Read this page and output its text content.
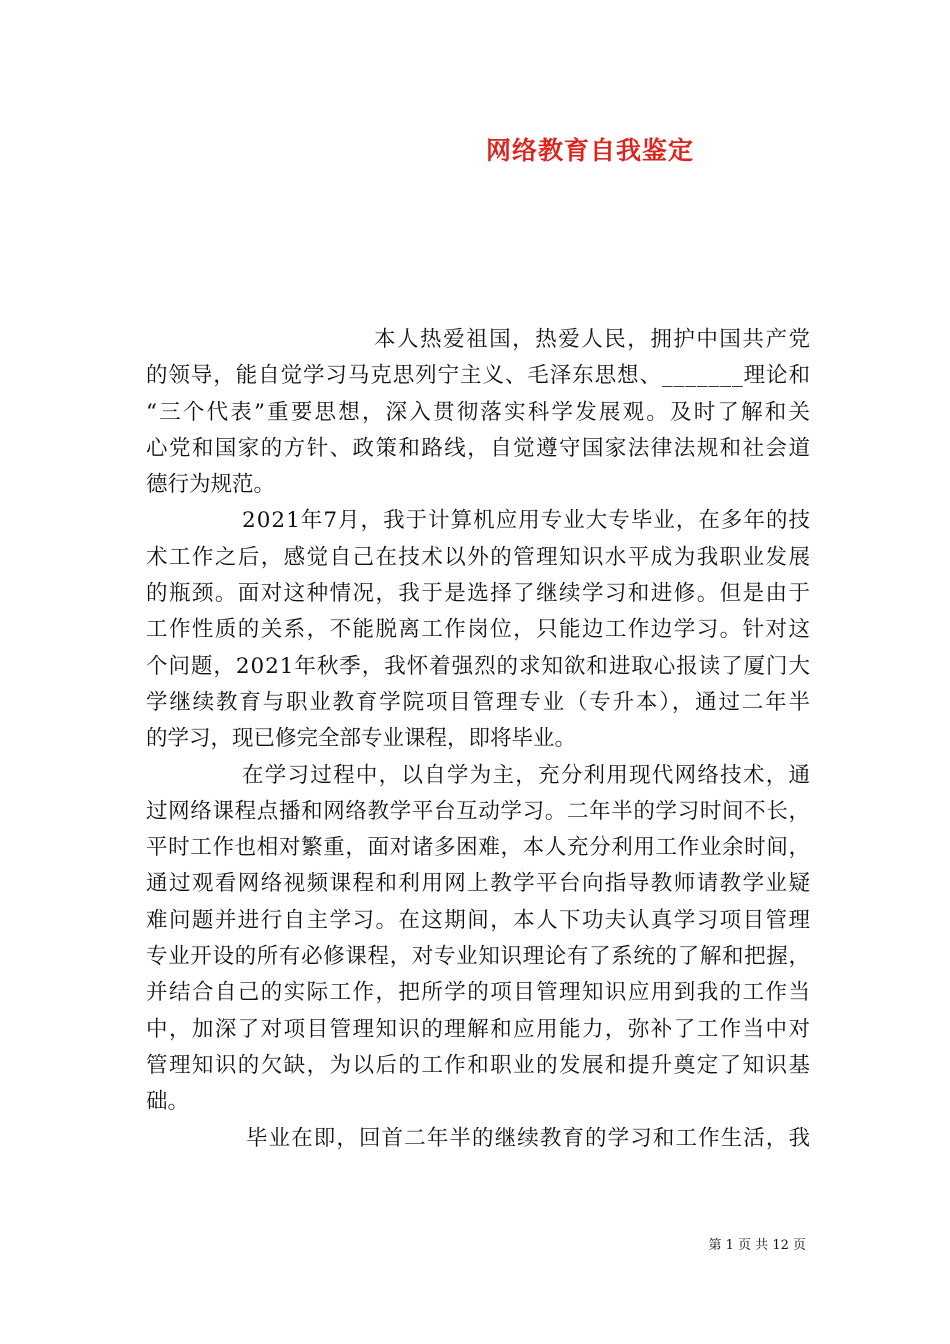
网络教育自我鉴定
本人热爱祖国，热爱人民，拥护中国共产党
的领导，能自觉学习马克思列宁主义、毛泽东思想、_______理论和
“三个代表”重要思想，深入贯彻落实科学发展观。及时了解和关
心党和国家的方针、政策和路线，自觉遵守国家法律法规和社会道
德行为规范。
2021年7月，我于计算机应用专业大专毕业，在多年的技
术工作之后，感觉自己在技术以外的管理知识水平成为我职业发展
的瓶颈。面对这种情况，我于是选择了继续学习和进修。但是由于
工作性质的关系，不能脱离工作岗位，只能边工作边学习。针对这
个问题，2021年秋季，我怀着强烈的求知欲和进取心报读了厦门大
学继续教育与职业教育学院项目管理专业（专升本），通过二年半
的学习，现已修完全部专业课程，即将毕业。
在学习过程中，以自学为主，充分利用现代网络技术，通
过网络课程点播和网络教学平台互动学习。二年半的学习时间不长，
平时工作也相对繁重，面对诸多困难，本人充分利用工作业余时间，
通过观看网络视频课程和利用网上教学平台向指导教师请教学业疑
难问题并进行自主学习。在这期间，本人下功夫认真学习项目管理
专业开设的所有必修课程，对专业知识理论有了系统的了解和把握，
并结合自己的实际工作，把所学的项目管理知识应用到我的工作当
中，加深了对项目管理知识的理解和应用能力，弥补了工作当中对
管理知识的欠缺，为以后的工作和职业的发展和提升奠定了知识基
础。
毕业在即，回首二年半的继续教育的学习和工作生活，我
第 1 页 共 12 页
